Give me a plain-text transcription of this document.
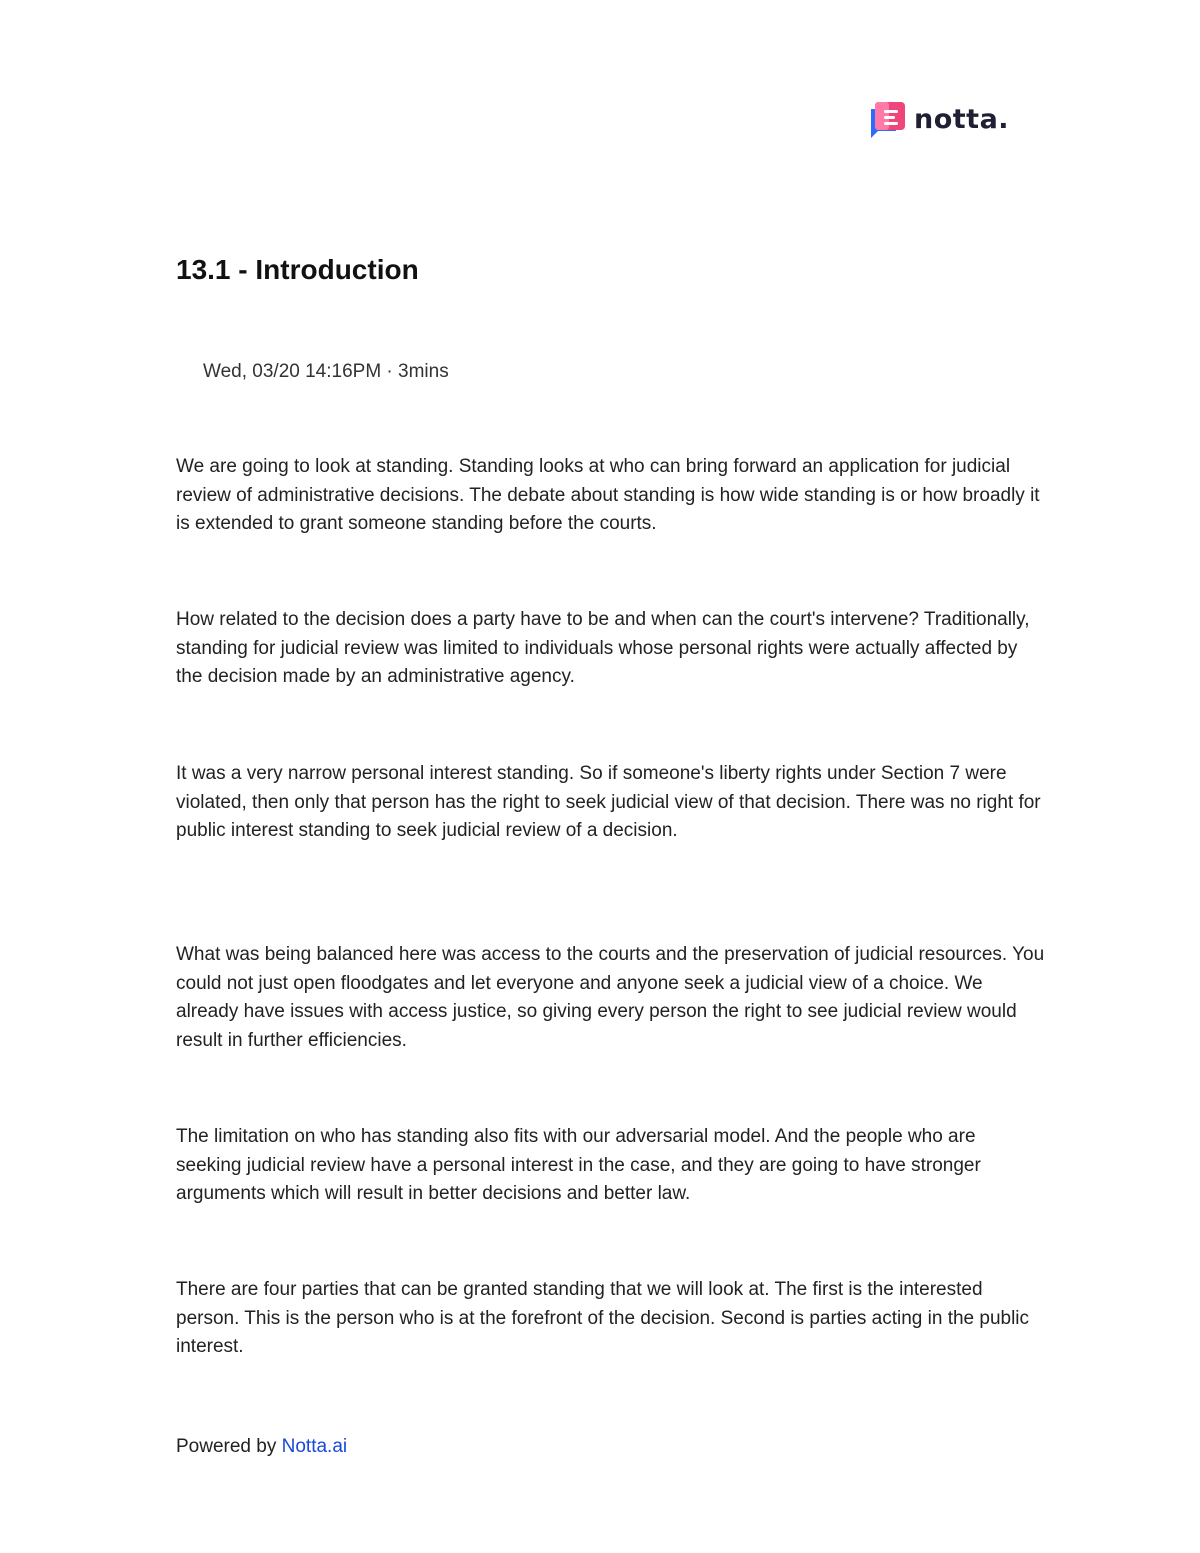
notta.
13.1 - Introduction
Wed, 03/20 14:16PM · 3mins

We are going to look at standing. Standing looks at who can bring forward an application for judicial review of administrative decisions. The debate about standing is how wide standing is or how broadly it is extended to grant someone standing before the courts.

How related to the decision does a party have to be and when can the court's intervene? Traditionally, standing for judicial review was limited to individuals whose personal rights were actually affected by the decision made by an administrative agency.

It was a very narrow personal interest standing. So if someone's liberty rights under Section 7 were violated, then only that person has the right to seek judicial view of that decision. There was no right for public interest standing to seek judicial review of a decision.

What was being balanced here was access to the courts and the preservation of judicial resources. You could not just open floodgates and let everyone and anyone seek a judicial view of a choice. We already have issues with access justice, so giving every person the right to see judicial review would result in further efficiencies.

The limitation on who has standing also fits with our adversarial model. And the people who are seeking judicial review have a personal interest in the case, and they are going to have stronger arguments which will result in better decisions and better law.

There are four parties that can be granted standing that we will look at. The first is the interested person. This is the person who is at the forefront of the decision. Second is parties acting in the public interest.

Powered by Notta.ai
